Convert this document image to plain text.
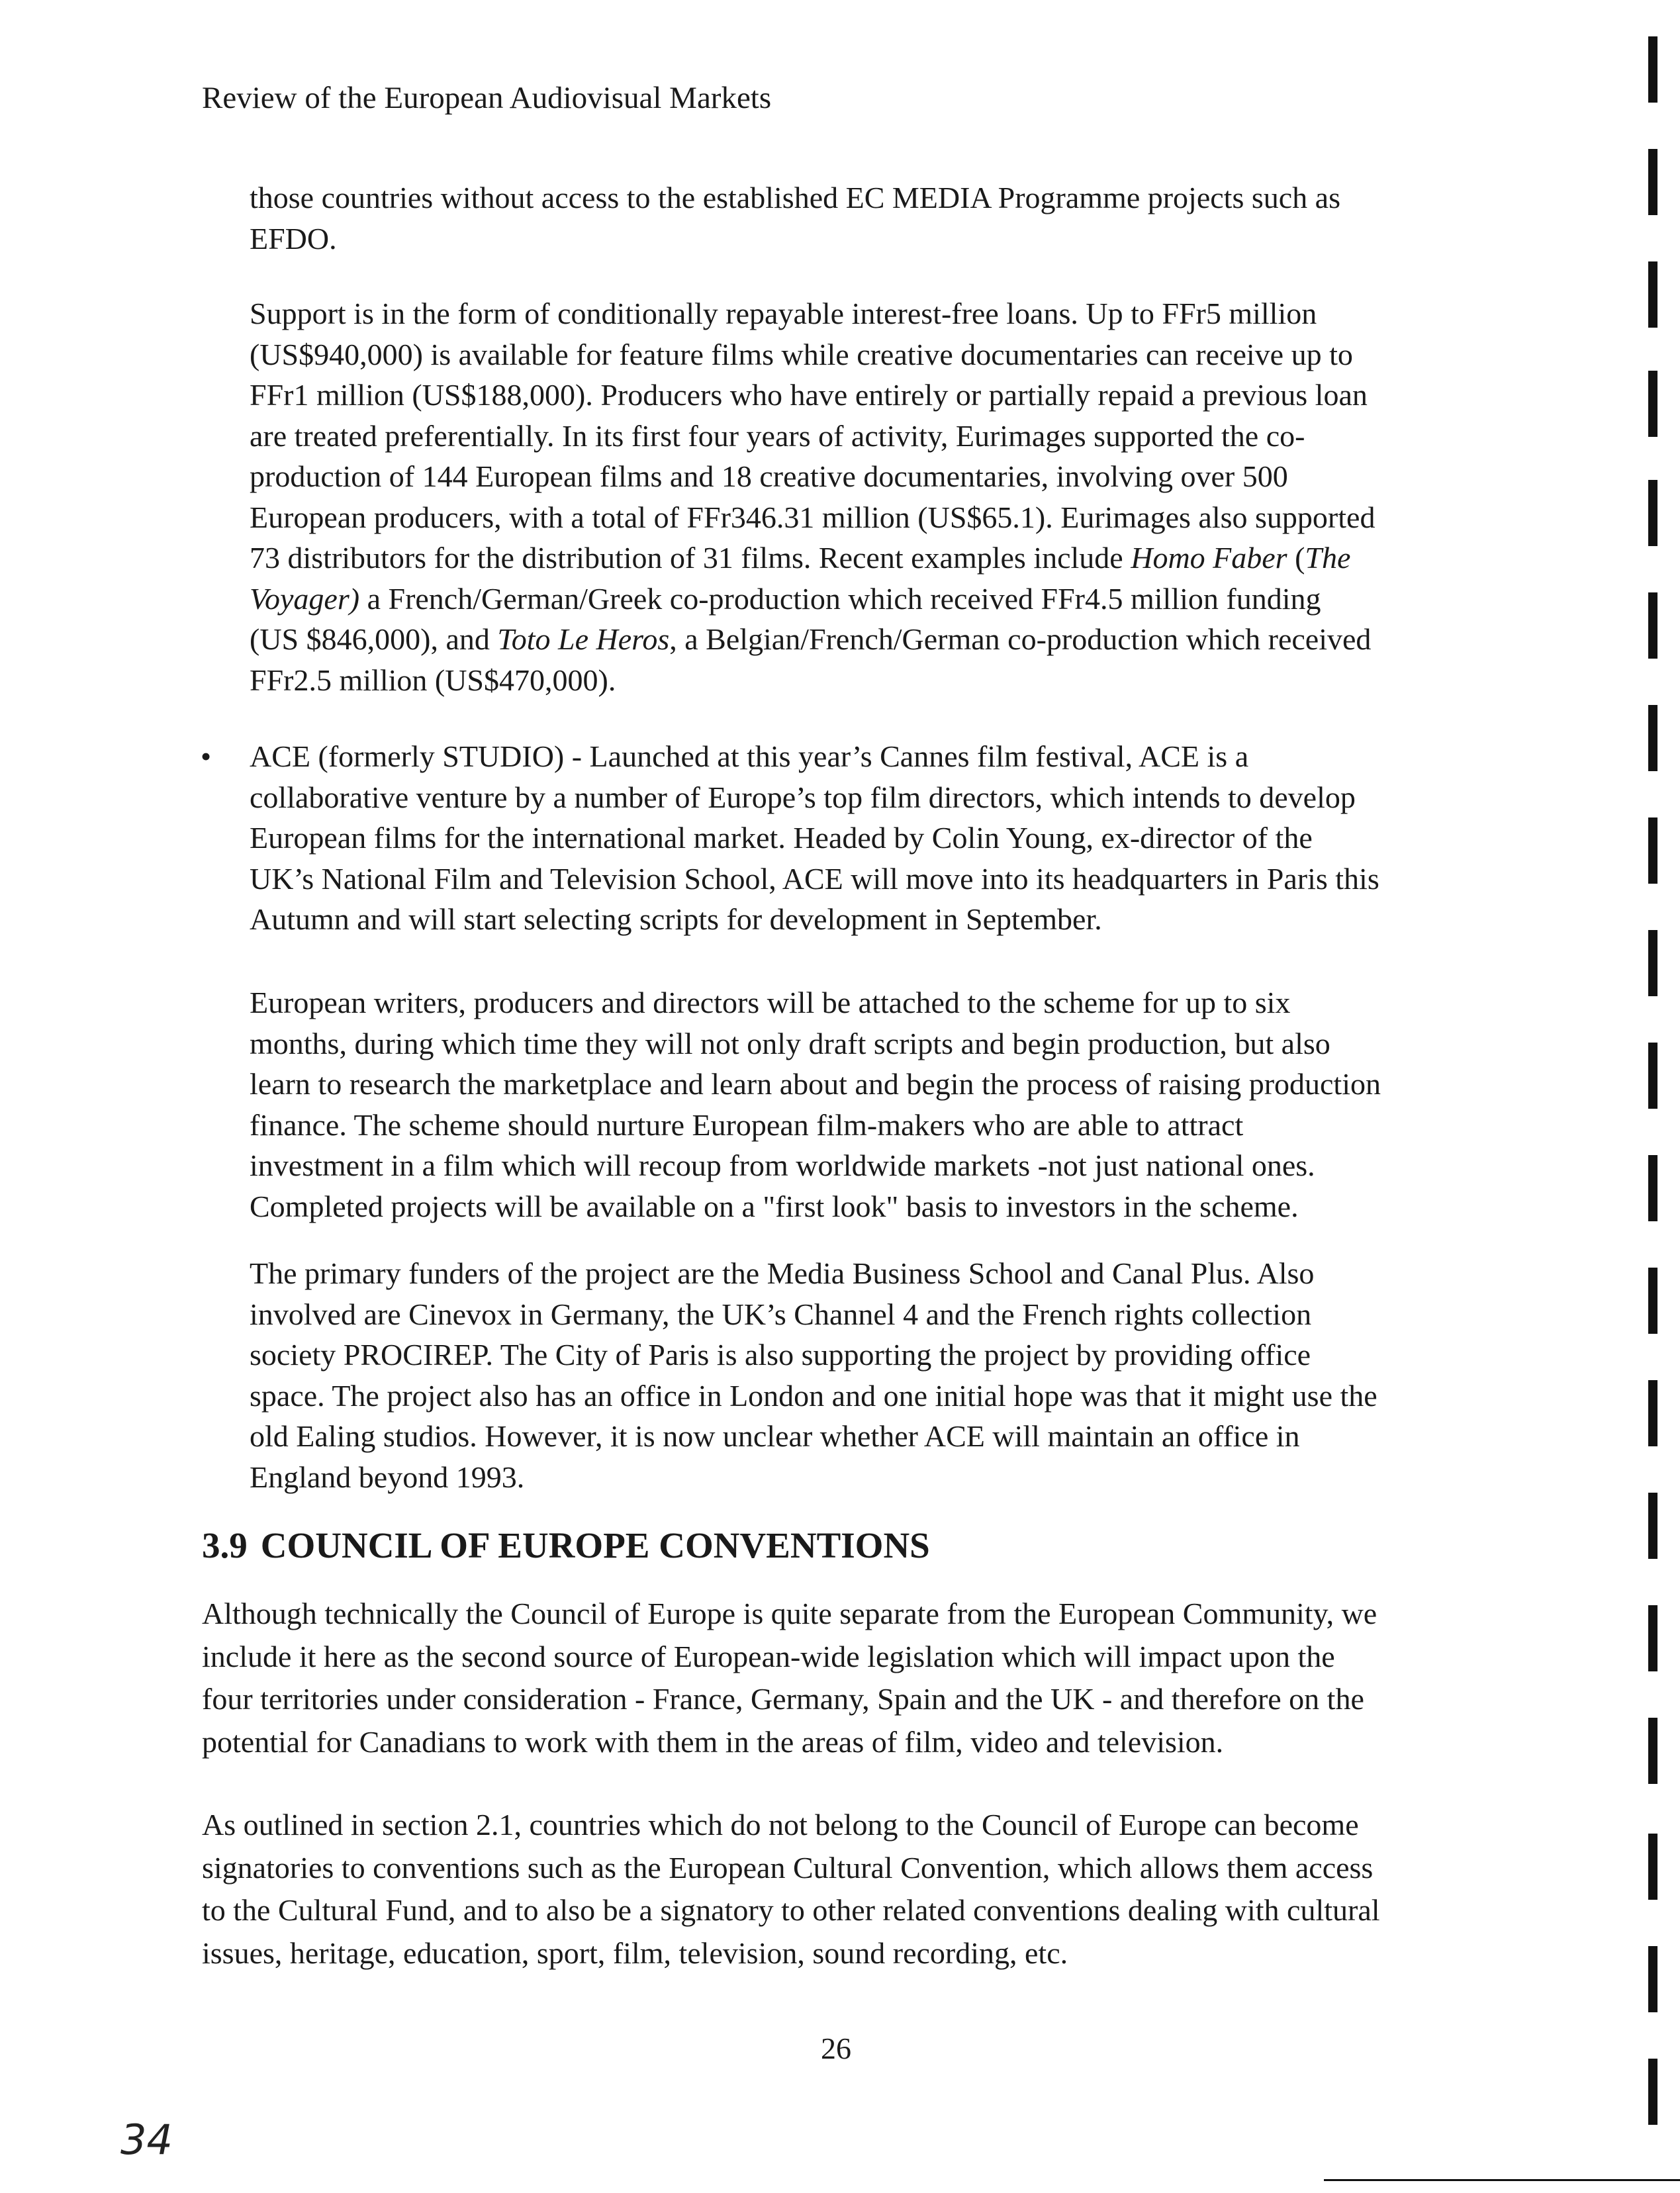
Review of the European Audiovisual Markets

those countries without access to the established EC MEDIA Programme projects such as
EFDO.

Support is in the form of conditionally repayable interest-free loans. Up to FFr5 million
(US$940,000) is available for feature films while creative documentaries can receive up to
FFr1 million (US$188,000). Producers who have entirely or partially repaid a previous loan
are treated preferentially. In its first four years of activity, Eurimages supported the co-
production of 144 European films and 18 creative documentaries, involving over 500
European producers, with a total of FFr346.31 million (US$65.1). Eurimages also supported
73 distributors for the distribution of 31 films. Recent examples include Homo Faber (The
Voyager) a French/German/Greek co-production which received FFr4.5 million funding
(US $846,000), and Toto Le Heros, a Belgian/French/German co-production which received
FFr2.5 million (US$470,000).

• ACE (formerly STUDIO) - Launched at this year’s Cannes film festival, ACE is a
collaborative venture by a number of Europe’s top film directors, which intends to develop
European films for the international market. Headed by Colin Young, ex-director of the
UK’s National Film and Television School, ACE will move into its headquarters in Paris this
Autumn and will start selecting scripts for development in September.

European writers, producers and directors will be attached to the scheme for up to six
months, during which time they will not only draft scripts and begin production, but also
learn to research the marketplace and learn about and begin the process of raising production
finance. The scheme should nurture European film-makers who are able to attract
investment in a film which will recoup from worldwide markets -not just national ones.
Completed projects will be available on a "first look" basis to investors in the scheme.

The primary funders of the project are the Media Business School and Canal Plus. Also
involved are Cinevox in Germany, the UK’s Channel 4 and the French rights collection
society PROCIREP. The City of Paris is also supporting the project by providing office
space. The project also has an office in London and one initial hope was that it might use the
old Ealing studios. However, it is now unclear whether ACE will maintain an office in
England beyond 1993.

3.9 COUNCIL OF EUROPE CONVENTIONS

Although technically the Council of Europe is quite separate from the European Community, we
include it here as the second source of European-wide legislation which will impact upon the
four territories under consideration - France, Germany, Spain and the UK - and therefore on the
potential for Canadians to work with them in the areas of film, video and television.

As outlined in section 2.1, countries which do not belong to the Council of Europe can become
signatories to conventions such as the European Cultural Convention, which allows them access
to the Cultural Fund, and to also be a signatory to other related conventions dealing with cultural
issues, heritage, education, sport, film, television, sound recording, etc.

26
34
